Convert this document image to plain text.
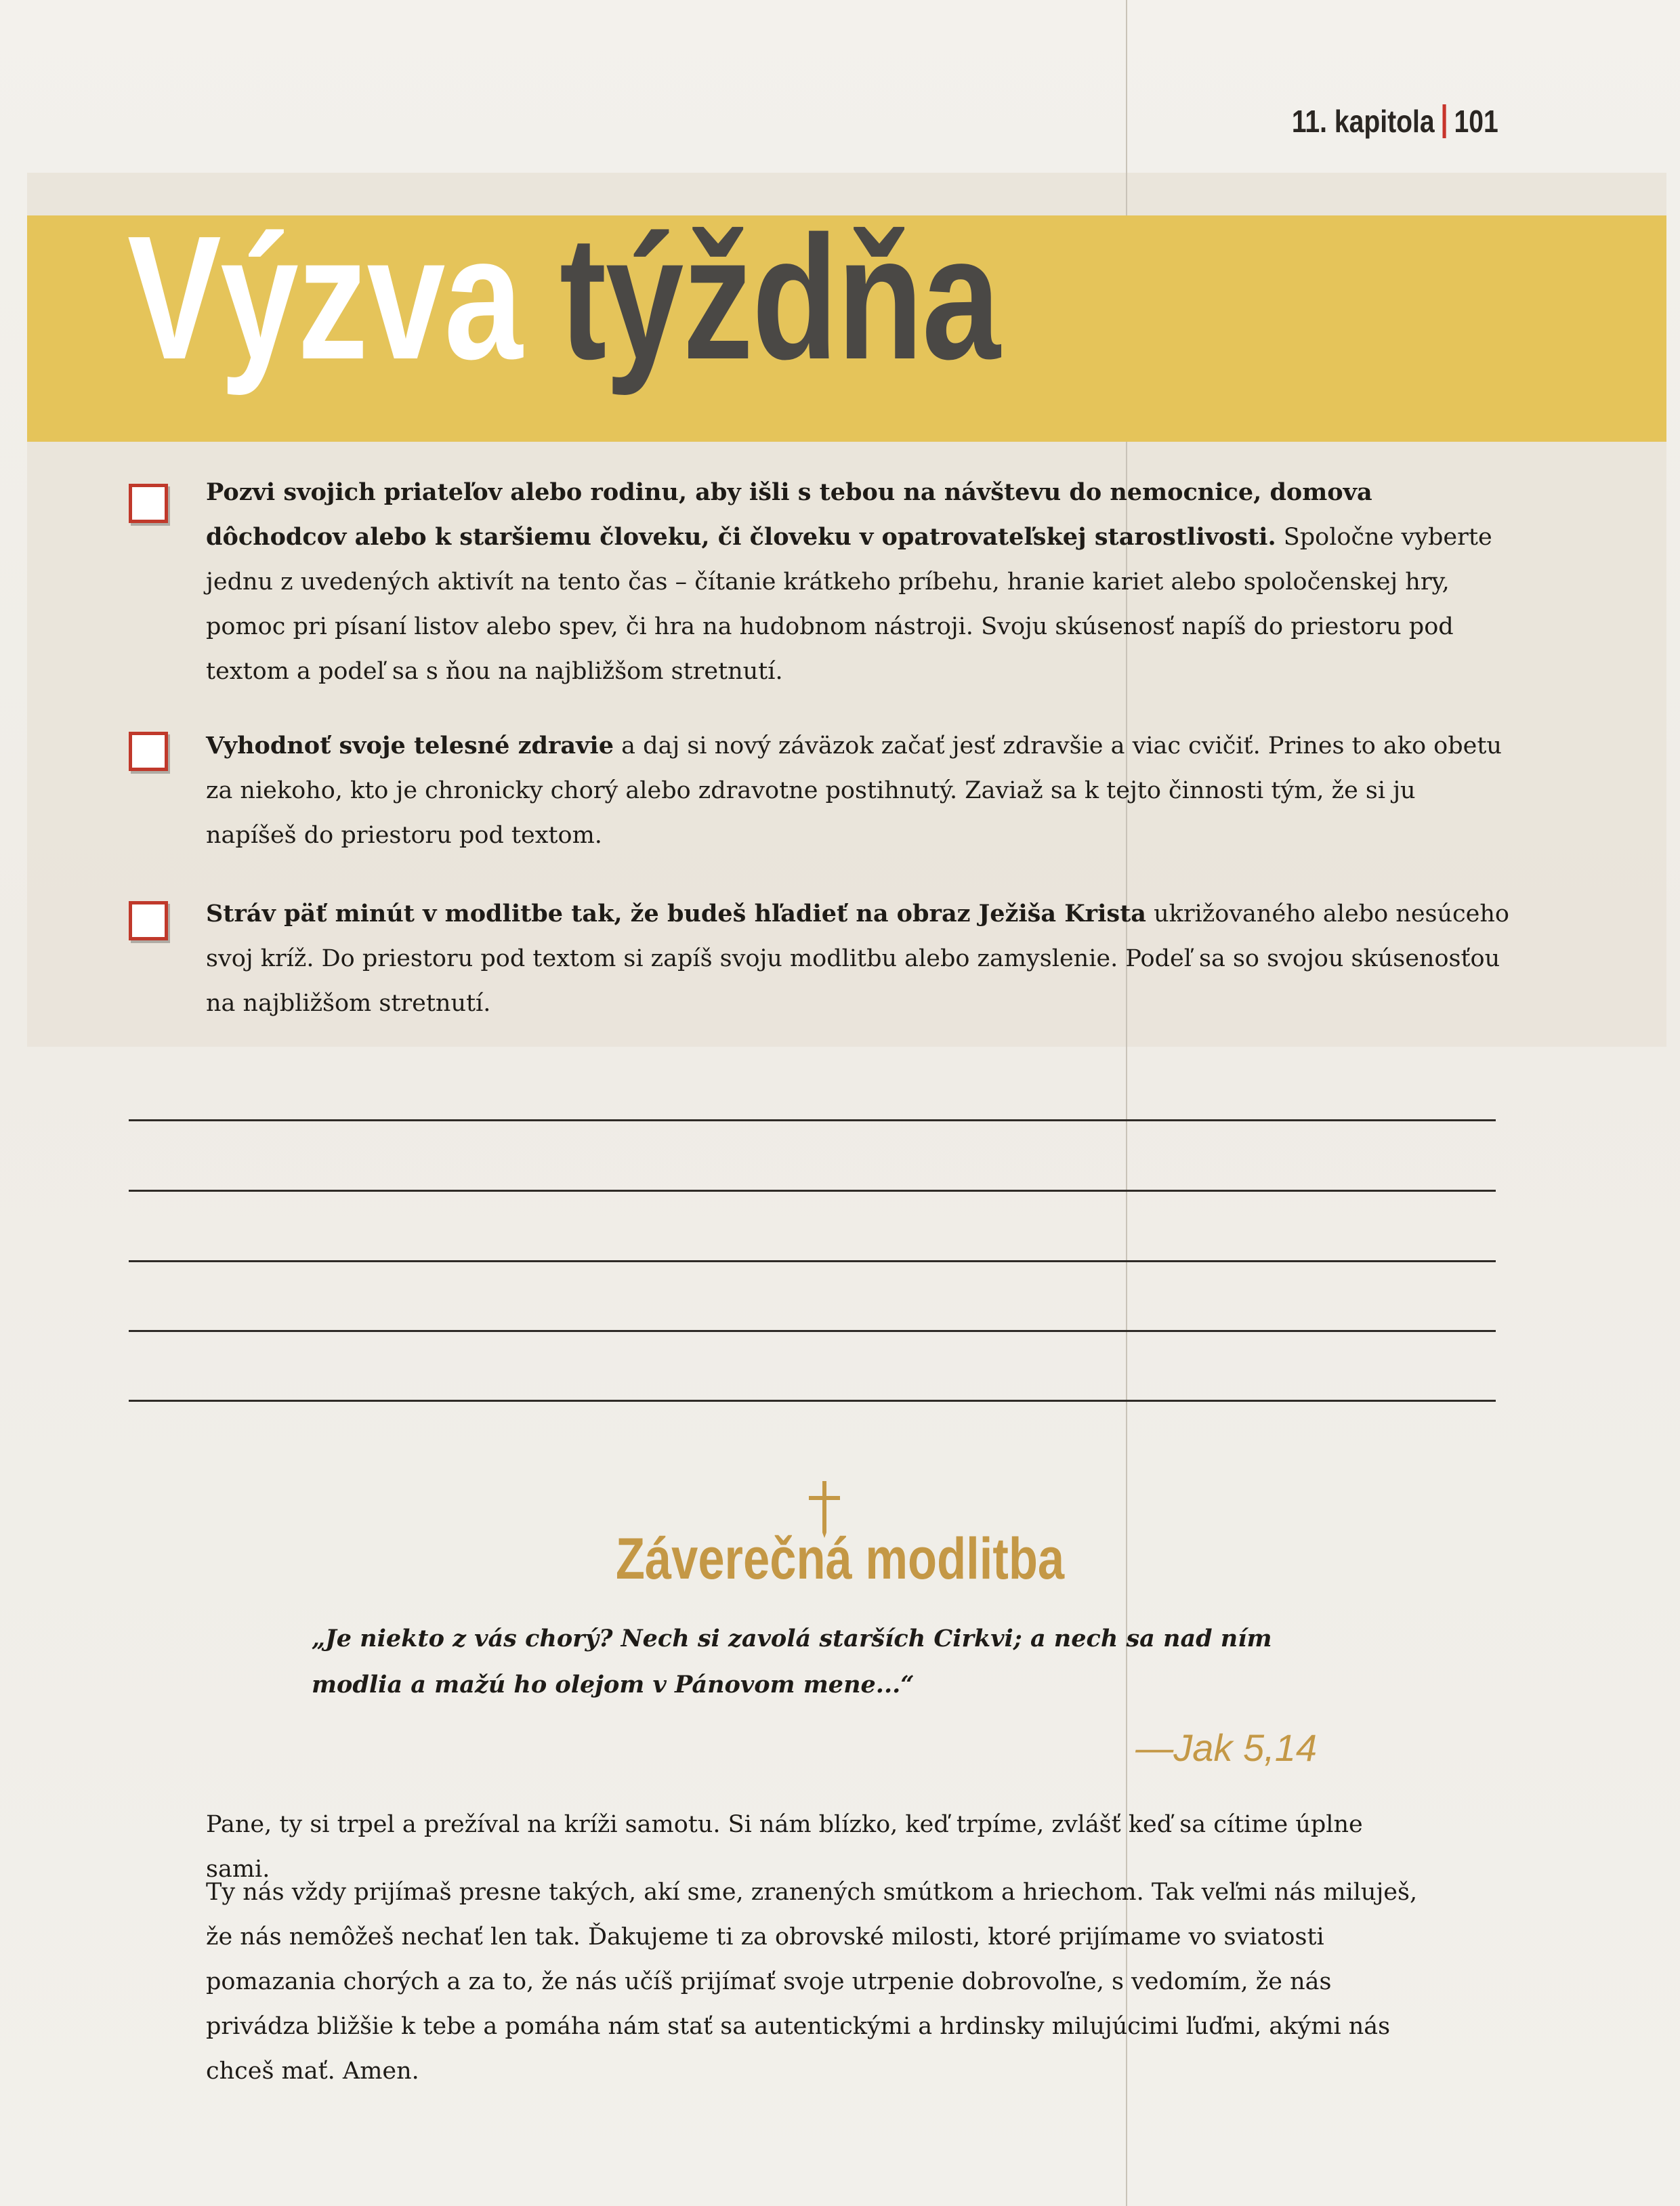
11. kapitola 101
Výzva týždňa

Pozvi svojich priateľov alebo rodinu, aby išli s tebou na návštevu do nemocnice, domova dôchodcov alebo k staršiemu človeku, či človeku v opatrovateľskej starostlivosti. Spoločne vyberte jednu z uvedených aktivít na tento čas – čítanie krátkeho príbehu, hranie kariet alebo spoločenskej hry, pomoc pri písaní listov alebo spev, či hra na hudobnom nástroji. Svoju skúsenosť napíš do priestoru pod textom a podeľ sa s ňou na najbližšom stretnutí.

Vyhodnoť svoje telesné zdravie a daj si nový záväzok začať jesť zdravšie a viac cvičiť. Prines to ako obetu za niekoho, kto je chronicky chorý alebo zdravotne postihnutý. Zaviaž sa k tejto činnosti tým, že si ju napíšeš do priestoru pod textom.

Stráv päť minút v modlitbe tak, že budeš hľadieť na obraz Ježiša Krista ukrižovaného alebo nesúceho svoj kríž. Do priestoru pod textom si zapíš svoju modlitbu alebo zamyslenie. Podeľ sa so svojou skúsenosťou na najbližšom stretnutí.

Záverečná modlitba

„Je niekto z vás chorý? Nech si zavolá starších Cirkvi; a nech sa nad ním modlia a mažú ho olejom v Pánovom mene...“

—Jak 5,14

Pane, ty si trpel a prežíval na kríži samotu. Si nám blízko, keď trpíme, zvlášť keď sa cítime úplne sami.

Ty nás vždy prijímaš presne takých, akí sme, zranených smútkom a hriechom. Tak veľmi nás miluješ, že nás nemôžeš nechať len tak. Ďakujeme ti za obrovské milosti, ktoré prijímame vo sviatosti pomazania chorých a za to, že nás učíš prijímať svoje utrpenie dobrovoľne, s vedomím, že nás privádza bližšie k tebe a pomáha nám stať sa autentickými a hrdinsky milujúcimi ľuďmi, akými nás chceš mať. Amen.
